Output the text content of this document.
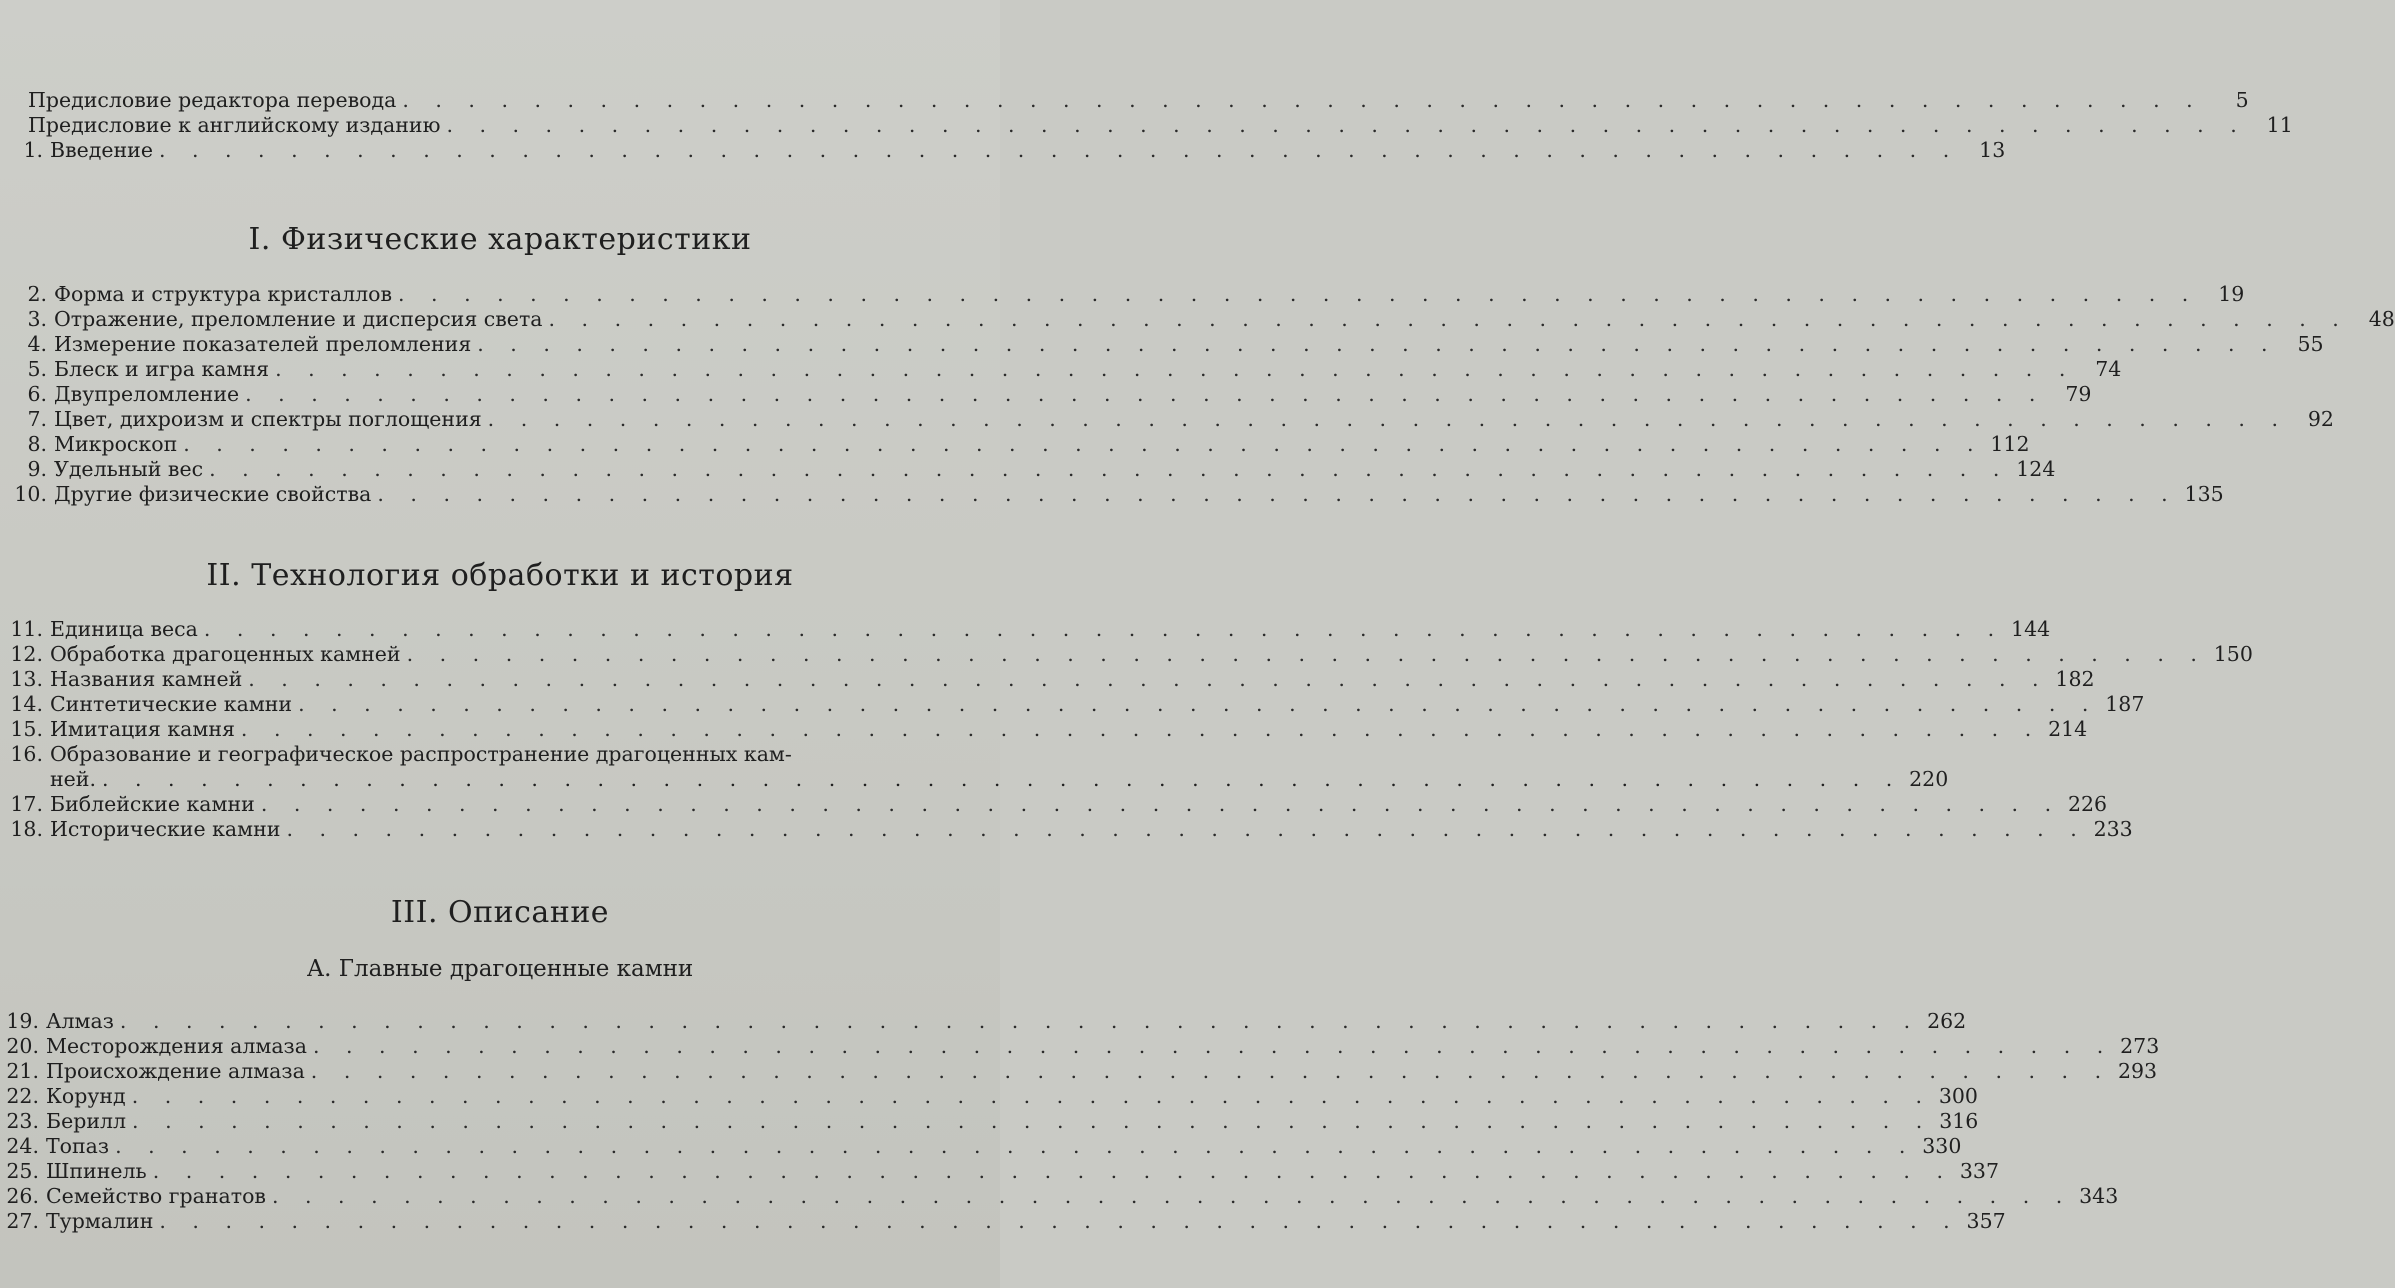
Предисловие редактора перевода . . . . . . . . . . . . . . . . . . . . . . . . . . . . . . . . . . . . . . . . . . . . . . . . . . . . . . .	5
Предисловие к английскому изданию . . . . . . . . . . . . . . . . . . . . . . . . . . . . . . . . . . . . . . . . . . . . . . . . . . . . . . . 11
1. Введение . . . . . . . . . . . . . . . . . . . . . . . . . . . . . . . . . . . . . . . . . . . . . . . . . . . . . . . 13
I. Физические характеристики
2. Форма и структура кристаллов . . . . . . . . . . . . . . . . . . . . . . . . . . . . . . . . . . . . . . . . . . . . . . . . . . . . . . . 19
3. Отражение, преломление и дисперсия света . . . . . . . . . . . . . . . . . . . . . . . . . . . . . . . . . . . . . . . . . . . . . . . . . . . . . . . 48
4. Измерение показателей преломления . . . . . . . . . . . . . . . . . . . . . . . . . . . . . . . . . . . . . . . . . . . . . . . . . . . . . . . 55
5. Блеск и игра камня . . . . . . . . . . . . . . . . . . . . . . . . . . . . . . . . . . . . . . . . . . . . . . . . . . . . . . . 74
6. Двупреломление . . . . . . . . . . . . . . . . . . . . . . . . . . . . . . . . . . . . . . . . . . . . . . . . . . . . . . . 79
7. Цвет, дихроизм и спектры поглощения . . . . . . . . . . . . . . . . . . . . . . . . . . . . . . . . . . . . . . . . . . . . . . . . . . . . . . . 92
8. Микроскоп . . . . . . . . . . . . . . . . . . . . . . . . . . . . . . . . . . . . . . . . . . . . . . . . . . . . . . . 112
9. Удельный вес . . . . . . . . . . . . . . . . . . . . . . . . . . . . . . . . . . . . . . . . . . . . . . . . . . . . . . . 124
10. Другие физические свойства . . . . . . . . . . . . . . . . . . . . . . . . . . . . . . . . . . . . . . . . . . . . . . . . . . . . . . . 135
II. Технология обработки и история
11. Единица веса . . . . . . . . . . . . . . . . . . . . . . . . . . . . . . . . . . . . . . . . . . . . . . . . . . . . . . . 144
12. Обработка драгоценных камней . . . . . . . . . . . . . . . . . . . . . . . . . . . . . . . . . . . . . . . . . . . . . . . . . . . . . . . 150
13. Названия камней . . . . . . . . . . . . . . . . . . . . . . . . . . . . . . . . . . . . . . . . . . . . . . . . . . . . . . . 182
14. Синтетические камни . . . . . . . . . . . . . . . . . . . . . . . . . . . . . . . . . . . . . . . . . . . . . . . . . . . . . . . 187
15. Имитация камня . . . . . . . . . . . . . . . . . . . . . . . . . . . . . . . . . . . . . . . . . . . . . . . . . . . . . . . 214
16. Образование и географическое распространение драгоценных кам-
ней. . . . . . . . . . . . . . . . . . . . . . . . . . . . . . . . . . . . . . . . . . . . . . . . . . . . . . . . 220
17. Библейские камни . . . . . . . . . . . . . . . . . . . . . . . . . . . . . . . . . . . . . . . . . . . . . . . . . . . . . . . 226
18. Исторические камни . . . . . . . . . . . . . . . . . . . . . . . . . . . . . . . . . . . . . . . . . . . . . . . . . . . . . . . 233
III. Описание
А. Главные драгоценные камни
19. Алмаз . . . . . . . . . . . . . . . . . . . . . . . . . . . . . . . . . . . . . . . . . . . . . . . . . . . . . . . 262
20. Месторождения алмаза . . . . . . . . . . . . . . . . . . . . . . . . . . . . . . . . . . . . . . . . . . . . . . . . . . . . . . . 273
21. Происхождение алмаза . . . . . . . . . . . . . . . . . . . . . . . . . . . . . . . . . . . . . . . . . . . . . . . . . . . . . . . 293
22. Корунд . . . . . . . . . . . . . . . . . . . . . . . . . . . . . . . . . . . . . . . . . . . . . . . . . . . . . . . 300
23. Берилл . . . . . . . . . . . . . . . . . . . . . . . . . . . . . . . . . . . . . . . . . . . . . . . . . . . . . . . 316
24. Топаз . . . . . . . . . . . . . . . . . . . . . . . . . . . . . . . . . . . . . . . . . . . . . . . . . . . . . . . 330
25. Шпинель . . . . . . . . . . . . . . . . . . . . . . . . . . . . . . . . . . . . . . . . . . . . . . . . . . . . . . . 337
26. Семейство гранатов . . . . . . . . . . . . . . . . . . . . . . . . . . . . . . . . . . . . . . . . . . . . . . . . . . . . . . . 343
27. Турмалин . . . . . . . . . . . . . . . . . . . . . . . . . . . . . . . . . . . . . . . . . . . . . . . . . . . . . . . 357
